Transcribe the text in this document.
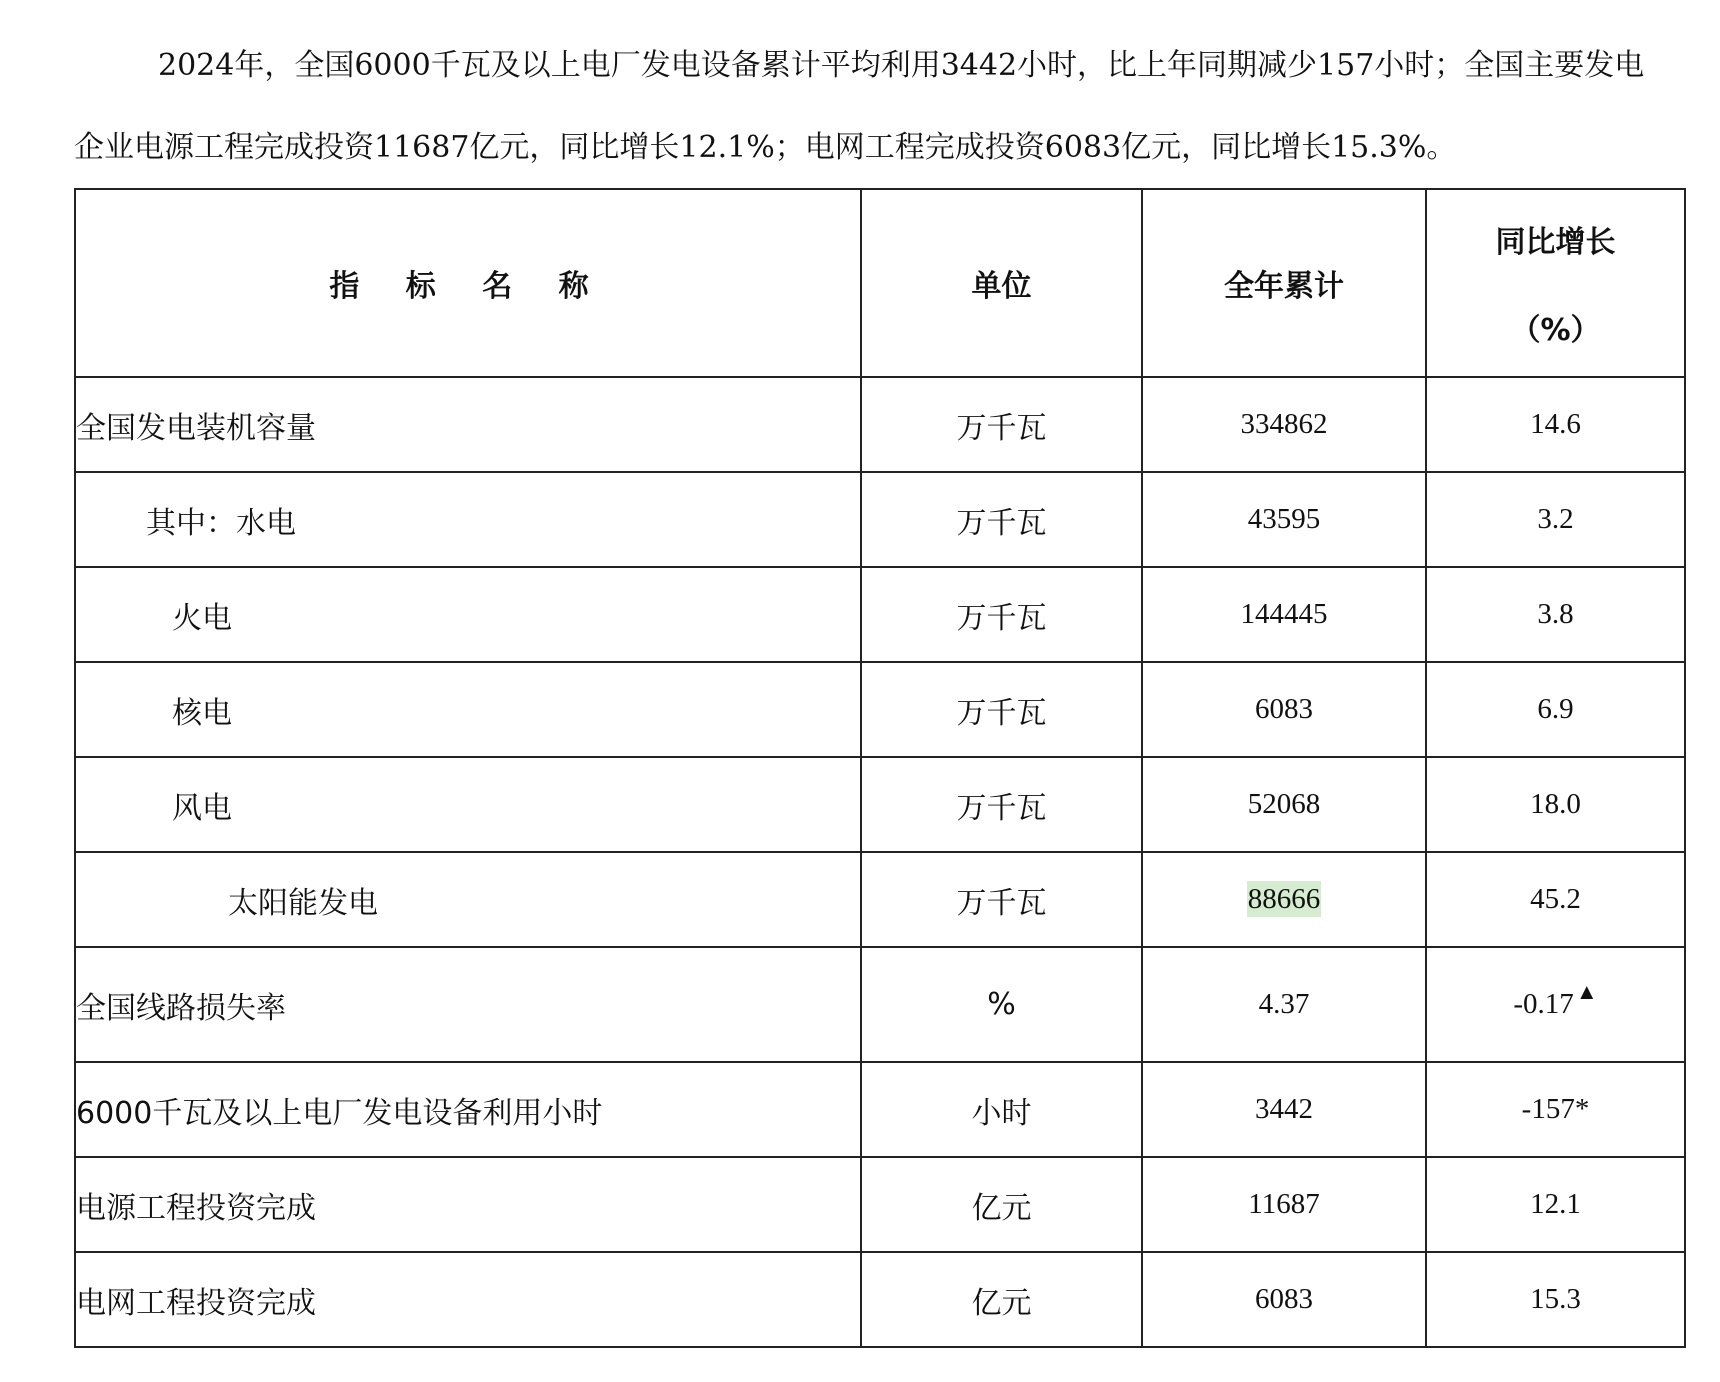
2024年，全国6000千瓦及以上电厂发电设备累计平均利用3442小时，比上年同期减少157小时；全国主要发电
企业电源工程完成投资11687亿元，同比增长12.1%；电网工程完成投资6083亿元，同比增长15.3%。
指 标 名 称	单位	全年累计	同比增长
（%）

全国发电装机容量	万千瓦	334862	14.6
其中：水电	万千瓦	43595	3.2
火电	万千瓦	144445	3.8
核电	万千瓦	6083	6.9
风电	万千瓦	52068	18.0
太阳能发电	万千瓦	88666	45.2
全国线路损失率	%	4.37	-0.17▲
6000千瓦及以上电厂发电设备利用小时	小时	3442	-157*
电源工程投资完成	亿元	11687	12.1
电网工程投资完成	亿元	6083	15.3
